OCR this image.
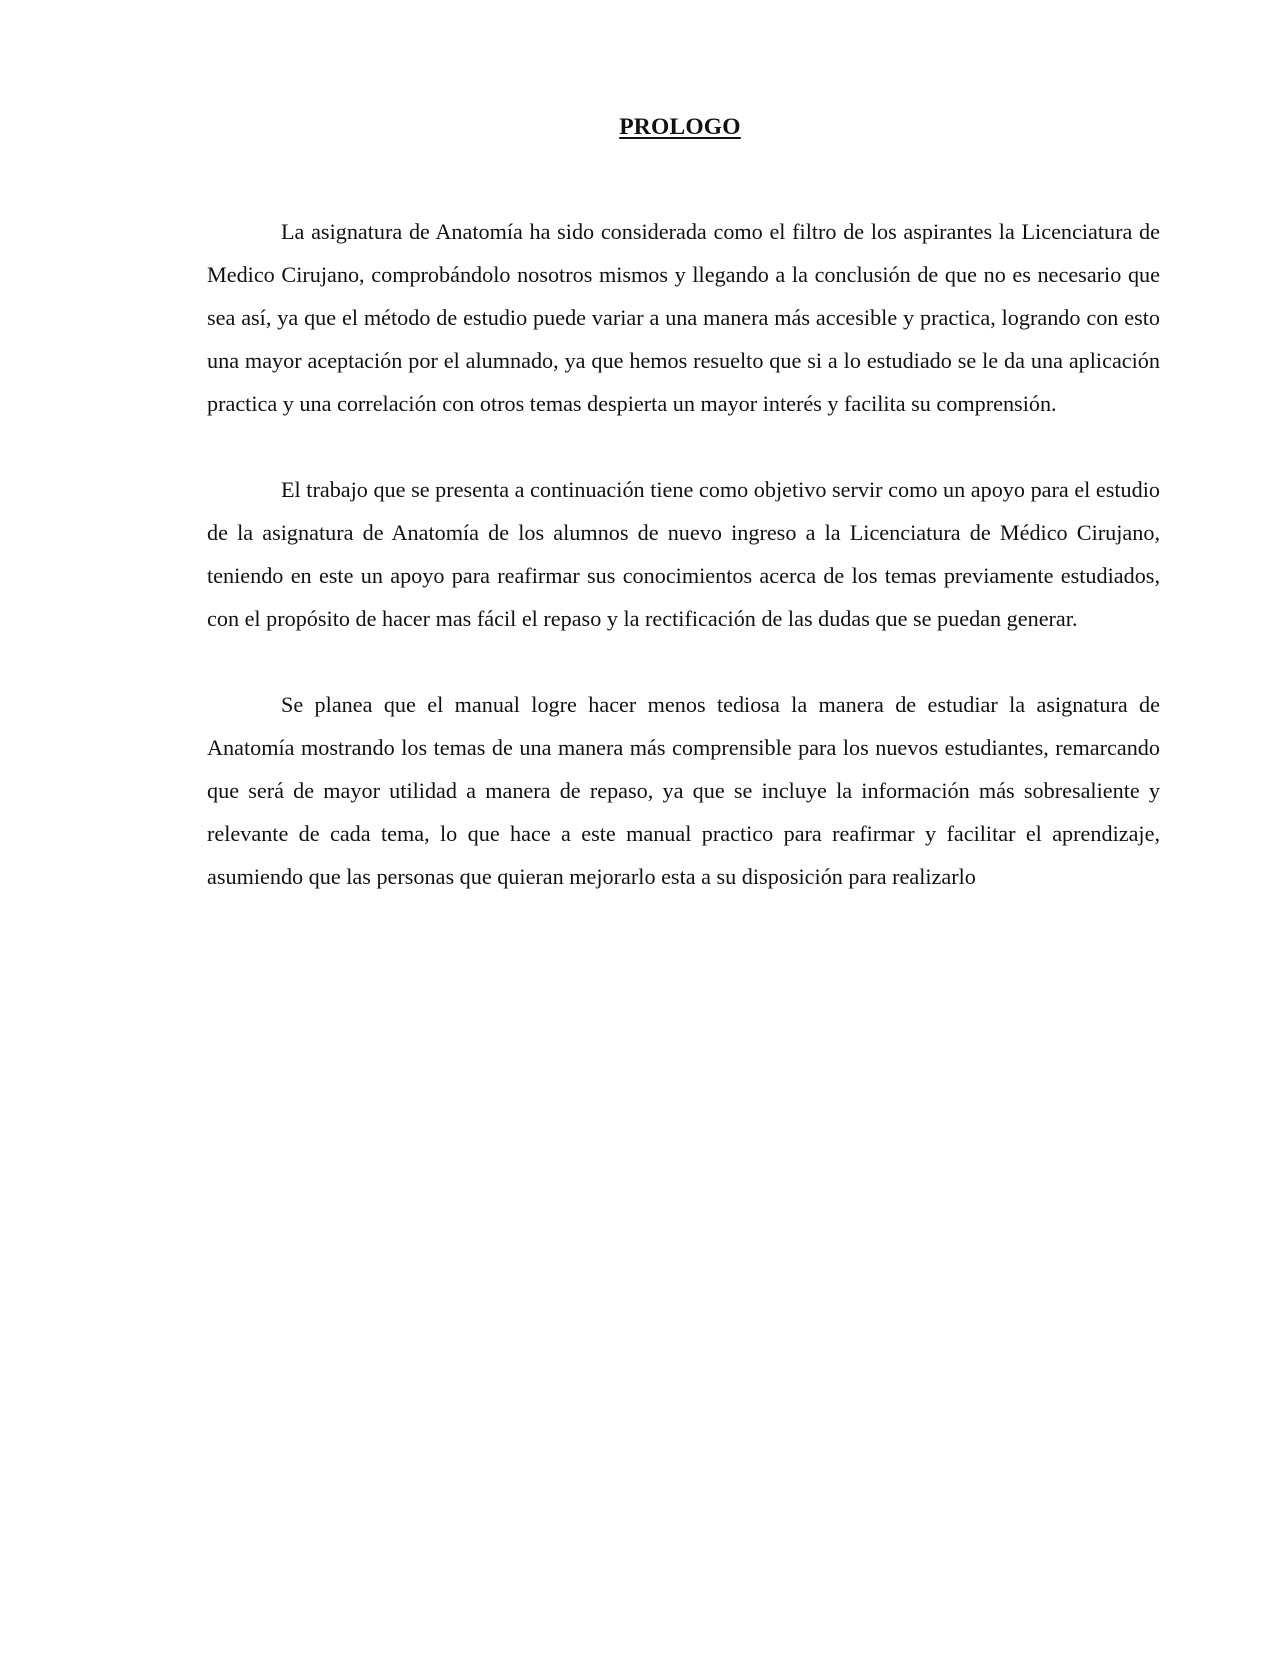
PROLOGO

La asignatura de Anatomía ha sido considerada como el filtro de los aspirantes la Licenciatura de Medico Cirujano, comprobándolo nosotros mismos y llegando a la conclusión de que no es necesario que sea así, ya que el método de estudio puede variar a una manera más accesible y practica, logrando con esto una mayor aceptación por el alumnado, ya que hemos resuelto que si a lo estudiado se le da una aplicación practica y una correlación con otros temas despierta un mayor interés y facilita su comprensión.

El trabajo que se presenta a continuación tiene como objetivo servir como un apoyo para el estudio de la asignatura de Anatomía de los alumnos de nuevo ingreso a la Licenciatura de Médico Cirujano, teniendo en este un apoyo para reafirmar sus conocimientos acerca de los temas previamente estudiados, con el propósito de hacer mas fácil el repaso y la rectificación de las dudas que se puedan generar.

Se planea que el manual logre hacer menos tediosa la manera de estudiar la asignatura de Anatomía mostrando los temas de una manera más comprensible para los nuevos estudiantes, remarcando que será de mayor utilidad a manera de repaso, ya que se incluye la información más sobresaliente y relevante de cada tema, lo que hace a este manual practico para reafirmar y facilitar el aprendizaje, asumiendo que las personas que quieran mejorarlo esta a su disposición para realizarlo
